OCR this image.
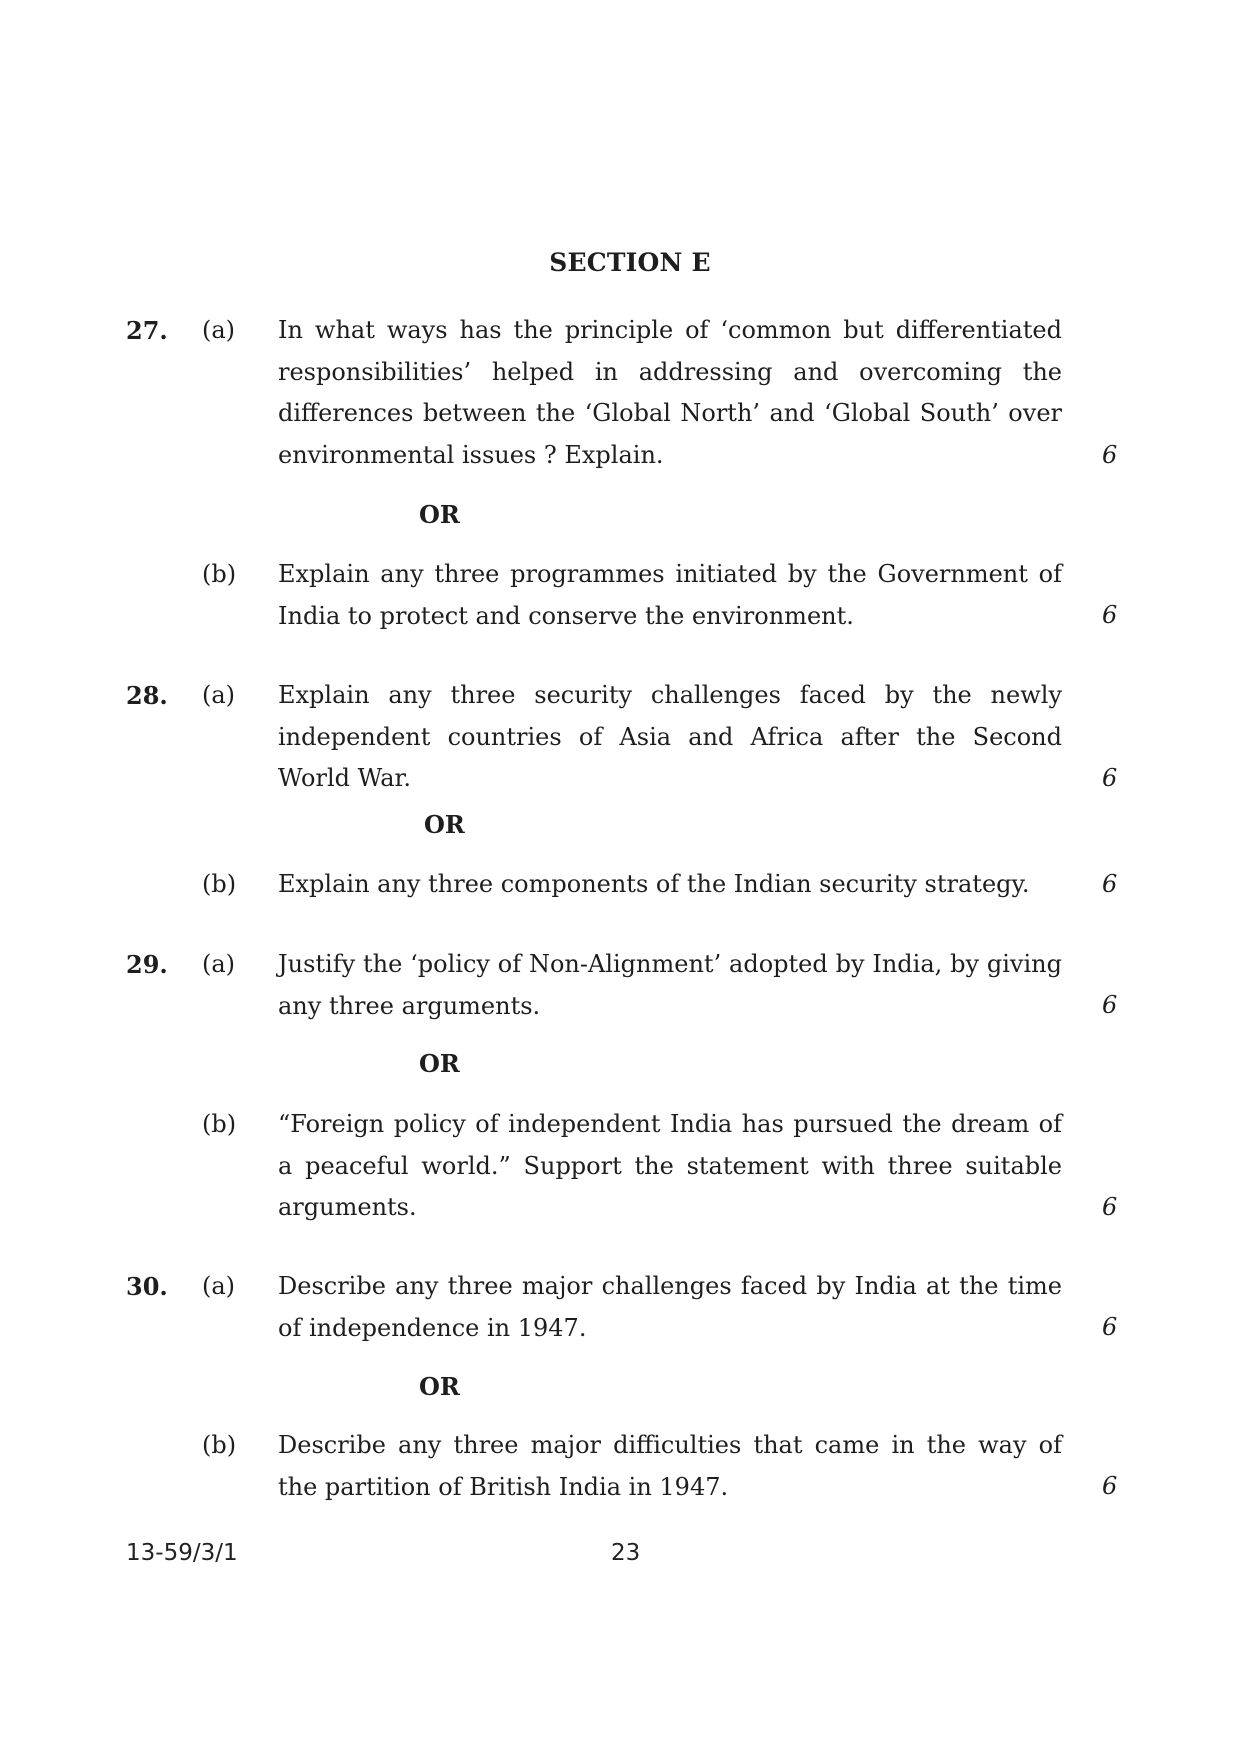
SECTION E
27. (a) In what ways has the principle of ‘common but differentiated responsibilities’ helped in addressing and overcoming the differences between the ‘Global North’ and ‘Global South’ over environmental issues ? Explain.	6
OR
(b) Explain any three programmes initiated by the Government of India to protect and conserve the environment.	6
28. (a) Explain any three security challenges faced by the newly independent countries of Asia and Africa after the Second World War.	6
OR
(b) Explain any three components of the Indian security strategy.	6
29. (a) Justify the ‘policy of Non-Alignment’ adopted by India, by giving any three arguments.	6
OR
(b) “Foreign policy of independent India has pursued the dream of a peaceful world.” Support the statement with three suitable arguments.	6
30. (a) Describe any three major challenges faced by India at the time of independence in 1947.	6
OR
(b) Describe any three major difficulties that came in the way of the partition of British India in 1947.	6
13-59/3/1	23
